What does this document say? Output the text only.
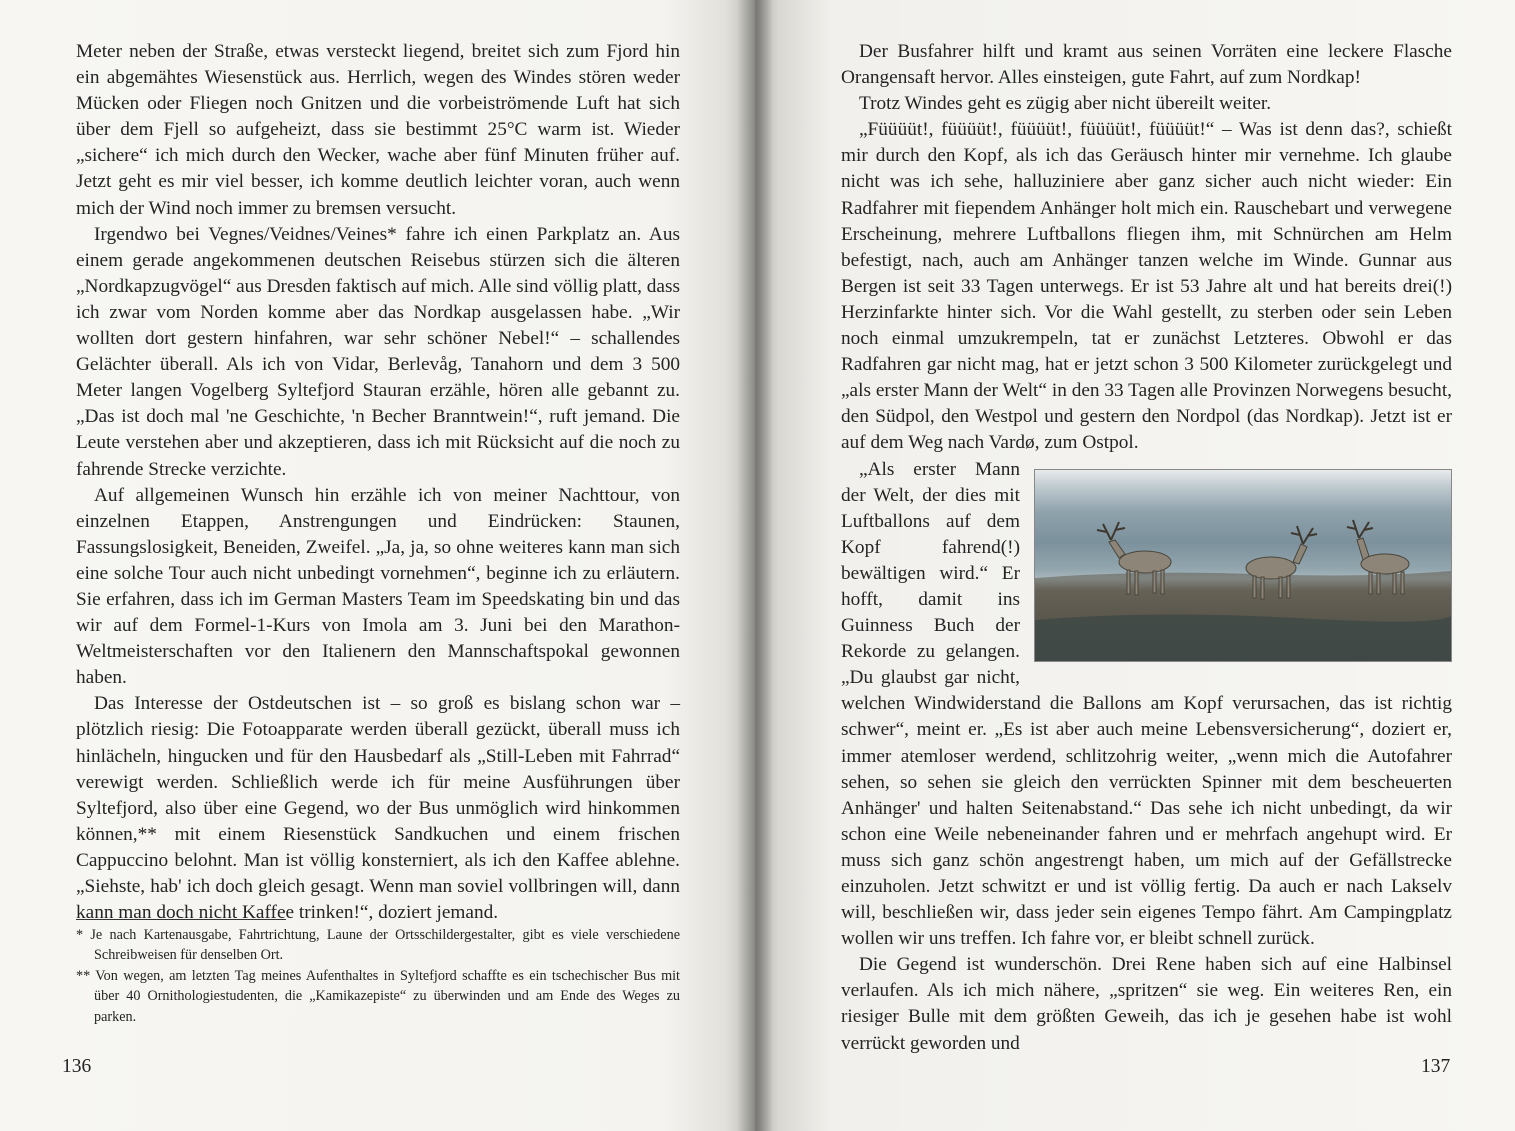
Meter neben der Straße, etwas versteckt liegend, breitet sich zum Fjord hin ein abgemähtes Wiesenstück aus. Herrlich, wegen des Windes stören weder Mücken oder Fliegen noch Gnitzen und die vorbeiströmende Luft hat sich über dem Fjell so aufgeheizt, dass sie bestimmt 25°C warm ist. Wieder „sichere“ ich mich durch den Wecker, wache aber fünf Minuten früher auf. Jetzt geht es mir viel besser, ich komme deutlich leichter voran, auch wenn mich der Wind noch immer zu bremsen versucht.

Irgendwo bei Vegnes/Veidnes/Veines* fahre ich einen Parkplatz an. Aus einem gerade angekommenen deutschen Reisebus stürzen sich die älteren „Nordkapzugvögel“ aus Dresden faktisch auf mich. Alle sind völlig platt, dass ich zwar vom Norden komme aber das Nordkap ausgelassen habe. „Wir wollten dort gestern hinfahren, war sehr schöner Nebel!“ – schallendes Gelächter überall. Als ich von Vidar, Berlevåg, Tanahorn und dem 3 500 Meter langen Vogelberg Syltefjord Stauran erzähle, hören alle gebannt zu. „Das ist doch mal 'ne Geschichte, 'n Becher Branntwein!“, ruft jemand. Die Leute verstehen aber und akzeptieren, dass ich mit Rücksicht auf die noch zu fahrende Strecke verzichte.

Auf allgemeinen Wunsch hin erzähle ich von meiner Nachttour, von einzelnen Etappen, Anstrengungen und Eindrücken: Staunen, Fassungslosigkeit, Beneiden, Zweifel. „Ja, ja, so ohne weiteres kann man sich eine solche Tour auch nicht unbedingt vornehmen“, beginne ich zu erläutern. Sie erfahren, dass ich im German Masters Team im Speedskating bin und das wir auf dem Formel-1-Kurs von Imola am 3. Juni bei den Marathon-Weltmeisterschaften vor den Italienern den Mannschaftspokal gewonnen haben.

Das Interesse der Ostdeutschen ist – so groß es bislang schon war – plötzlich riesig: Die Fotoapparate werden überall gezückt, überall muss ich hinlächeln, hingucken und für den Hausbedarf als „Still-Leben mit Fahrrad“ verewigt werden. Schließlich werde ich für meine Ausführungen über Syltefjord, also über eine Gegend, wo der Bus unmöglich wird hinkommen können,** mit einem Riesenstück Sandkuchen und einem frischen Cappuccino belohnt. Man ist völlig konsterniert, als ich den Kaffee ablehne. „Siehste, hab' ich doch gleich gesagt. Wenn man soviel vollbringen will, dann kann man doch nicht Kaffee trinken!“, doziert jemand.

* Je nach Kartenausgabe, Fahrtrichtung, Laune der Ortsschildergestalter, gibt es viele verschiedene Schreibweisen für denselben Ort.

** Von wegen, am letzten Tag meines Aufenthaltes in Syltefjord schaffte es ein tschechischer Bus mit über 40 Ornithologiestudenten, die „Kamikazepiste“ zu überwinden und am Ende des Weges zu parken.

136

Der Busfahrer hilft und kramt aus seinen Vorräten eine leckere Flasche Orangensaft hervor. Alles einsteigen, gute Fahrt, auf zum Nordkap!

Trotz Windes geht es zügig aber nicht übereilt weiter.

„Füüüüt!, füüüüt!, füüüüt!, füüüüt!, füüüüt!“ – Was ist denn das?, schießt mir durch den Kopf, als ich das Geräusch hinter mir vernehme. Ich glaube nicht was ich sehe, halluziniere aber ganz sicher auch nicht wieder: Ein Radfahrer mit fiependem Anhänger holt mich ein. Rauschebart und verwegene Erscheinung, mehrere Luftballons fliegen ihm, mit Schnürchen am Helm befestigt, nach, auch am Anhänger tanzen welche im Winde. Gunnar aus Bergen ist seit 33 Tagen unterwegs. Er ist 53 Jahre alt und hat bereits drei(!) Herzinfarkte hinter sich. Vor die Wahl gestellt, zu sterben oder sein Leben noch einmal umzukrempeln, tat er zunächst Letzteres. Obwohl er das Radfahren gar nicht mag, hat er jetzt schon 3 500 Kilometer zurückgelegt und „als erster Mann der Welt“ in den 33 Tagen alle Provinzen Norwegens besucht, den Südpol, den Westpol und gestern den Nordpol (das Nordkap). Jetzt ist er auf dem Weg nach Vardø, zum Ostpol.

„Als erster Mann der Welt, der dies mit Luftballons auf dem Kopf fahrend(!) bewältigen wird.“ Er hofft, damit ins Guinness Buch der Rekorde zu gelangen. „Du glaubst gar nicht, welchen Windwiderstand die Ballons am Kopf verursachen, das ist richtig schwer“, meint er. „Es ist aber auch meine Lebensversicherung“, doziert er, immer atemloser werdend, schlitzohrig weiter, „wenn mich die Autofahrer sehen, so sehen sie gleich den verrückten Spinner mit dem bescheuerten Anhänger' und halten Seitenabstand.“ Das sehe ich nicht unbedingt, da wir schon eine Weile nebeneinander fahren und er mehrfach angehupt wird. Er muss sich ganz schön angestrengt haben, um mich auf der Gefällstrecke einzuholen. Jetzt schwitzt er und ist völlig fertig. Da auch er nach Lakselv will, beschließen wir, dass jeder sein eigenes Tempo fährt. Am Campingplatz wollen wir uns treffen. Ich fahre vor, er bleibt schnell zurück.

Die Gegend ist wunderschön. Drei Rene haben sich auf eine Halbinsel verlaufen. Als ich mich nähere, „spritzen“ sie weg. Ein weiteres Ren, ein riesiger Bulle mit dem größten Geweih, das ich je gesehen habe ist wohl verrückt geworden und

137
